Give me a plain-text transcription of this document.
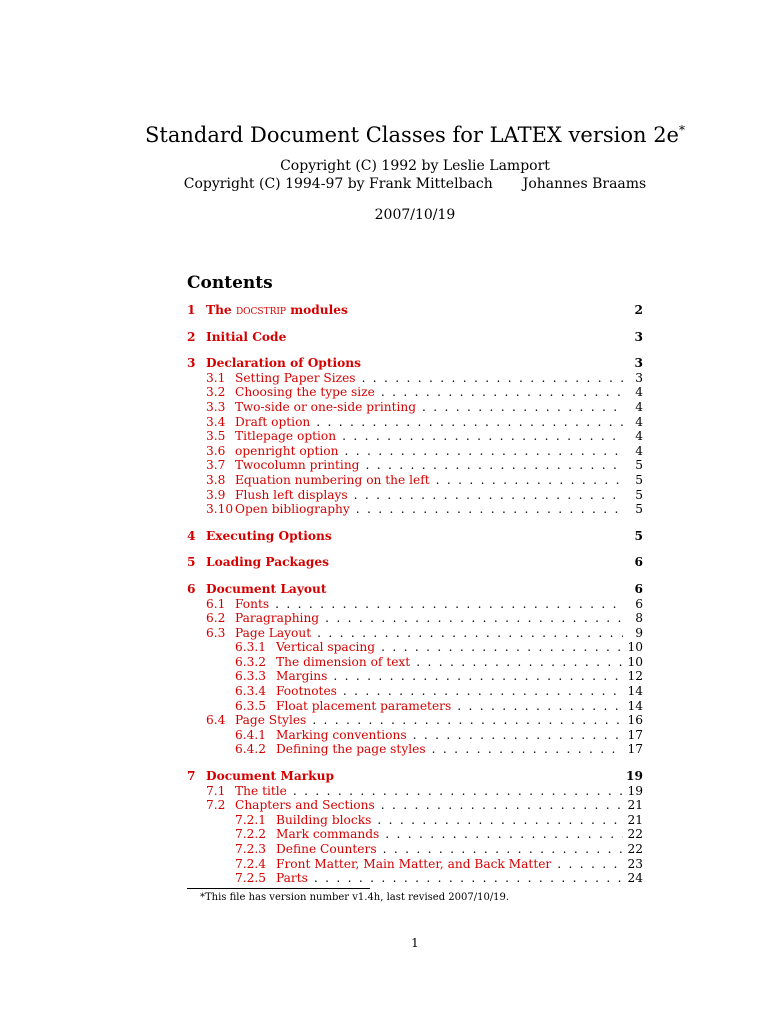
Standard Document Classes for LATEX version 2e*
Copyright (C) 1992 by Leslie Lamport
Copyright (C) 1994-97 by Frank Mittelbach Johannes Braams
2007/10/19
Contents
1 The docstrip modules	2
2 Initial Code	3
3 Declaration of Options	3
3.1 Setting Paper Sizes . . .	3
3.2 Choosing the type size . . .	4
3.3 Two-side or one-side printing . . .	4
3.4 Draft option . . .	4
3.5 Titlepage option . . .	4
3.6 openright option . . .	4
3.7 Twocolumn printing . . .	5
3.8 Equation numbering on the left . . .	5
3.9 Flush left displays . . .	5
3.10 Open bibliography . . .	5
4 Executing Options	5
5 Loading Packages	6
6 Document Layout	6
6.1 Fonts . . .	6
6.2 Paragraphing . . .	8
6.3 Page Layout . . .	9
6.3.1 Vertical spacing . . .	10
6.3.2 The dimension of text . . .	10
6.3.3 Margins . . .	12
6.3.4 Footnotes . . .	14
6.3.5 Float placement parameters . . .	14
6.4 Page Styles . . .	16
6.4.1 Marking conventions . . .	17
6.4.2 Defining the page styles . . .	17
7 Document Markup	19
7.1 The title . . .	19
7.2 Chapters and Sections . . .	21
7.2.1 Building blocks . . .	21
7.2.2 Mark commands . . .	22
7.2.3 Define Counters . . .	22
7.2.4 Front Matter, Main Matter, and Back Matter . . .	23
7.2.5 Parts . . .	24
*This file has version number v1.4h, last revised 2007/10/19.
1
